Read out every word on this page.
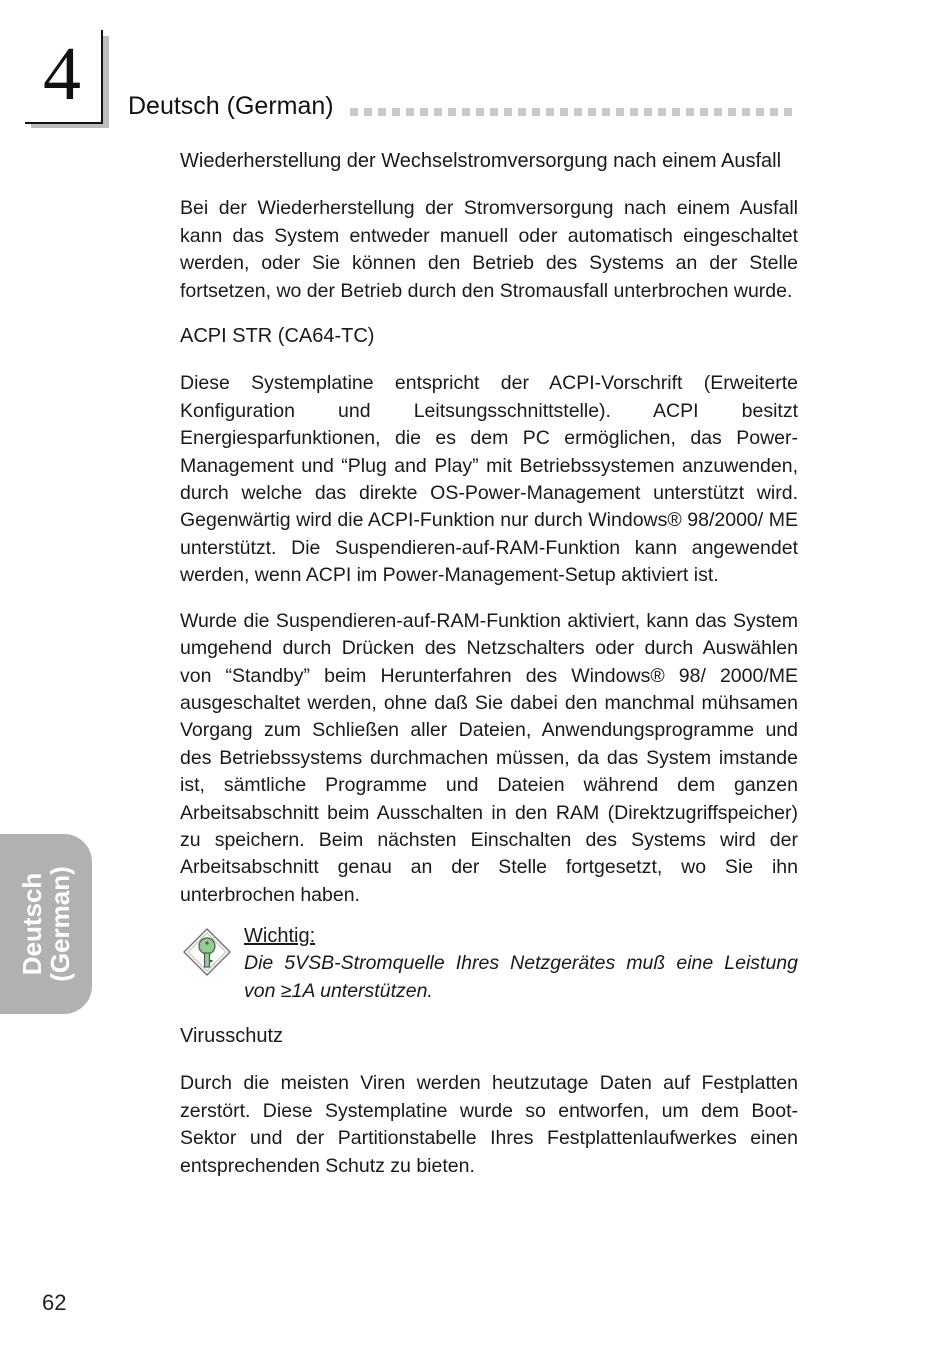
4 Deutsch (German)
Wiederherstellung der Wechselstromversorgung nach einem Ausfall

Bei der Wiederherstellung der Stromversorgung nach einem Ausfall kann das System entweder manuell oder automatisch eingeschaltet werden, oder Sie können den Betrieb des Systems an der Stelle fortsetzen, wo der Betrieb durch den Stromausfall unterbrochen wurde.

ACPI STR (CA64-TC)

Diese Systemplatine entspricht der ACPI-Vorschrift (Erweiterte Konfiguration und Leitsungsschnittstelle). ACPI besitzt Energiesparfunktionen, die es dem PC ermöglichen, das Power-Management und “Plug and Play” mit Betriebssystemen anzuwenden, durch welche das direkte OS-Power-Management unterstützt wird. Gegenwärtig wird die ACPI-Funktion nur durch Windows® 98/2000/ ME unterstützt. Die Suspendieren-auf-RAM-Funktion kann angewendet werden, wenn ACPI im Power-Management-Setup aktiviert ist.

Wurde die Suspendieren-auf-RAM-Funktion aktiviert, kann das System umgehend durch Drücken des Netzschalters oder durch Auswählen von “Standby” beim Herunterfahren des Windows® 98/ 2000/ME ausgeschaltet werden, ohne daß Sie dabei den manchmal mühsamen Vorgang zum Schließen aller Dateien, Anwendungsprogramme und des Betriebssystems durchmachen müssen, da das System imstande ist, sämtliche Programme und Dateien während dem ganzen Arbeitsabschnitt beim Ausschalten in den RAM (Direktzugriffspeicher) zu speichern. Beim nächsten Einschalten des Systems wird der Arbeitsabschnitt genau an der Stelle fortgesetzt, wo Sie ihn unterbrochen haben.

Wichtig:
Die 5VSB-Stromquelle Ihres Netzgerätes muß eine Leistung von ≥1A unterstützen.
Virusschutz

Durch die meisten Viren werden heutzutage Daten auf Festplatten zerstört. Diese Systemplatine wurde so entworfen, um dem Boot-Sektor und der Partitionstabelle Ihres Festplattenlaufwerkes einen entsprechenden Schutz zu bieten.

Deutsch
(German)
62
